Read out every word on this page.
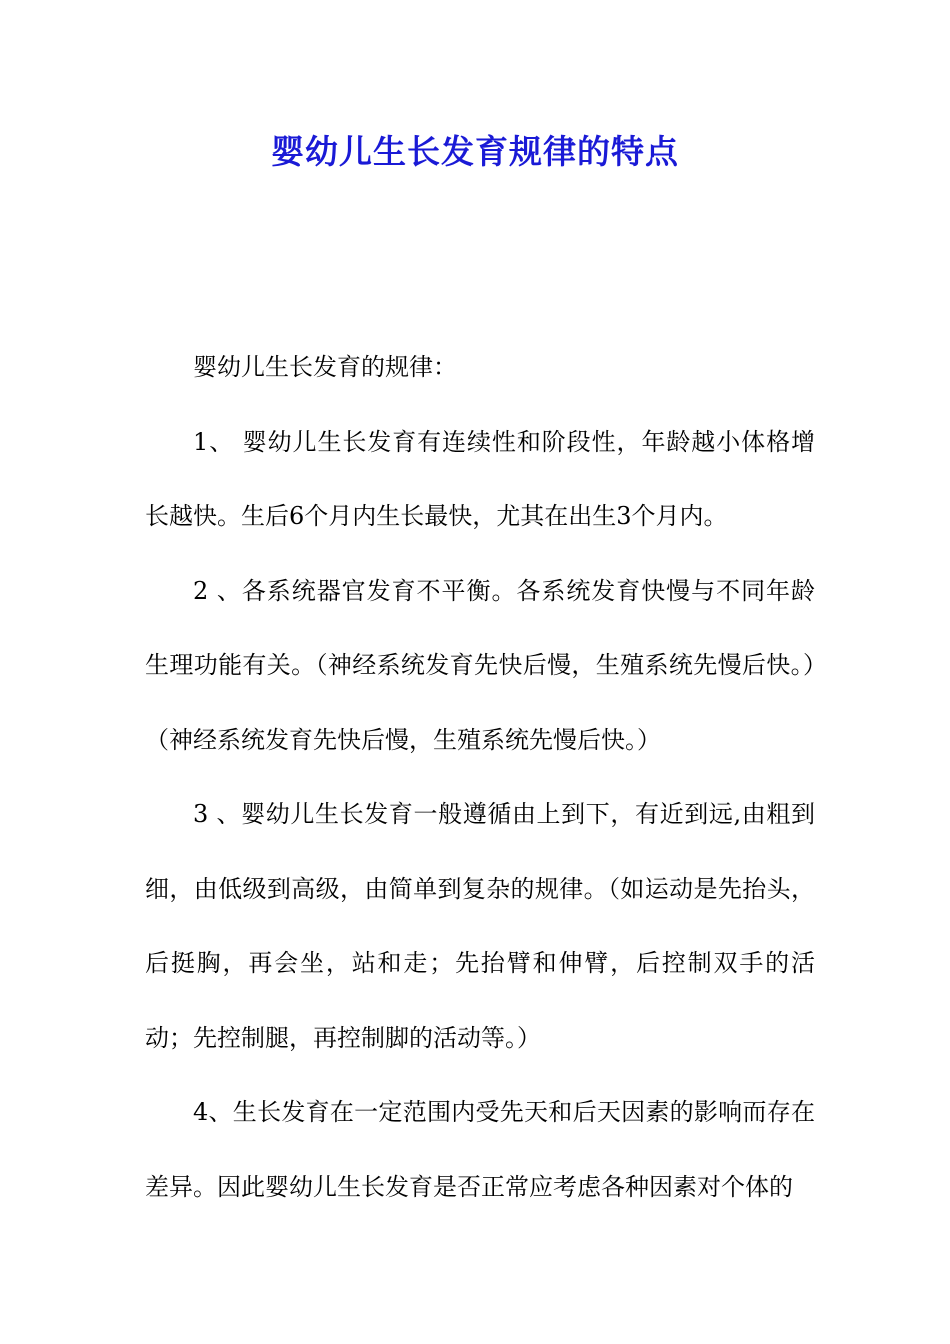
婴幼儿生长发育规律的特点

婴幼儿生长发育的规律：

1、 婴幼儿生长发育有连续性和阶段性，年龄越小体格增长越快。生后6个月内生长最快，尤其在出生3个月内。

2 、各系统器官发育不平衡。各系统发育快慢与不同年龄生理功能有关。（神经系统发育先快后慢，生殖系统先慢后快。）（神经系统发育先快后慢，生殖系统先慢后快。）

3 、婴幼儿生长发育一般遵循由上到下，有近到远,由粗到细，由低级到高级，由简单到复杂的规律。（如运动是先抬头，后挺胸，再会坐，站和走；先抬臂和伸臂，后控制双手的活动；先控制腿，再控制脚的活动等。）

4、生长发育在一定范围内受先天和后天因素的影响而存在差异。因此婴幼儿生长发育是否正常应考虑各种因素对个体的
